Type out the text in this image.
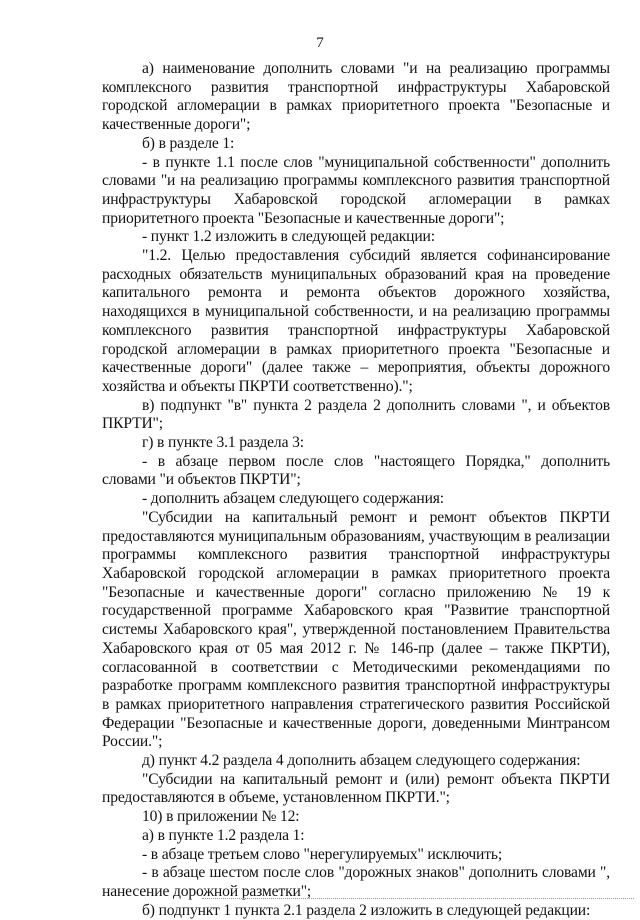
7

а) наименование дополнить словами "и на реализацию программы комплексного развития транспортной инфраструктуры Хабаровской городской агломерации в рамках приоритетного проекта "Безопасные и качественные дороги";

б) в разделе 1:

- в пункте 1.1 после слов "муниципальной собственности" дополнить словами "и на реализацию программы комплексного развития транспортной инфраструктуры Хабаровской городской агломерации в рамках приоритетного проекта "Безопасные и качественные дороги";

- пункт 1.2 изложить в следующей редакции:

"1.2. Целью предоставления субсидий является софинансирование расходных обязательств муниципальных образований края на проведение капитального ремонта и ремонта объектов дорожного хозяйства, находящихся в муниципальной собственности, и на реализацию программы комплексного развития транспортной инфраструктуры Хабаровской городской агломерации в рамках приоритетного проекта "Безопасные и качественные дороги" (далее также – мероприятия, объекты дорожного хозяйства и объекты ПКРТИ соответственно).";

в) подпункт "в" пункта 2 раздела 2 дополнить словами ", и объектов ПКРТИ";

г) в пункте 3.1 раздела 3:

- в абзаце первом после слов "настоящего Порядка," дополнить словами "и объектов ПКРТИ";

- дополнить абзацем следующего содержания:

"Субсидии на капитальный ремонт и ремонт объектов ПКРТИ предоставляются муниципальным образованиям, участвующим в реализации программы комплексного развития транспортной инфраструктуры Хабаровской городской агломерации в рамках приоритетного проекта "Безопасные и качественные дороги" согласно приложению № 19 к государственной программе Хабаровского края "Развитие транспортной системы Хабаровского края", утвержденной постановлением Правительства Хабаровского края от 05 мая 2012 г. № 146-пр (далее – также ПКРТИ), согласованной в соответствии с Методическими рекомендациями по разработке программ комплексного развития транспортной инфраструктуры в рамках приоритетного направления стратегического развития Российской Федерации "Безопасные и качественные дороги, доведенными Минтрансом России.";

д) пункт 4.2 раздела 4 дополнить абзацем следующего содержания:

"Субсидии на капитальный ремонт и (или) ремонт объекта ПКРТИ предоставляются в объеме, установленном ПКРТИ.";

10) в приложении № 12:

а) в пункте 1.2 раздела 1:

- в абзаце третьем слово "нерегулируемых" исключить;

- в абзаце шестом после слов "дорожных знаков" дополнить словами ", нанесение дорожной разметки";

б) подпункт 1 пункта 2.1 раздела 2 изложить в следующей редакции:
